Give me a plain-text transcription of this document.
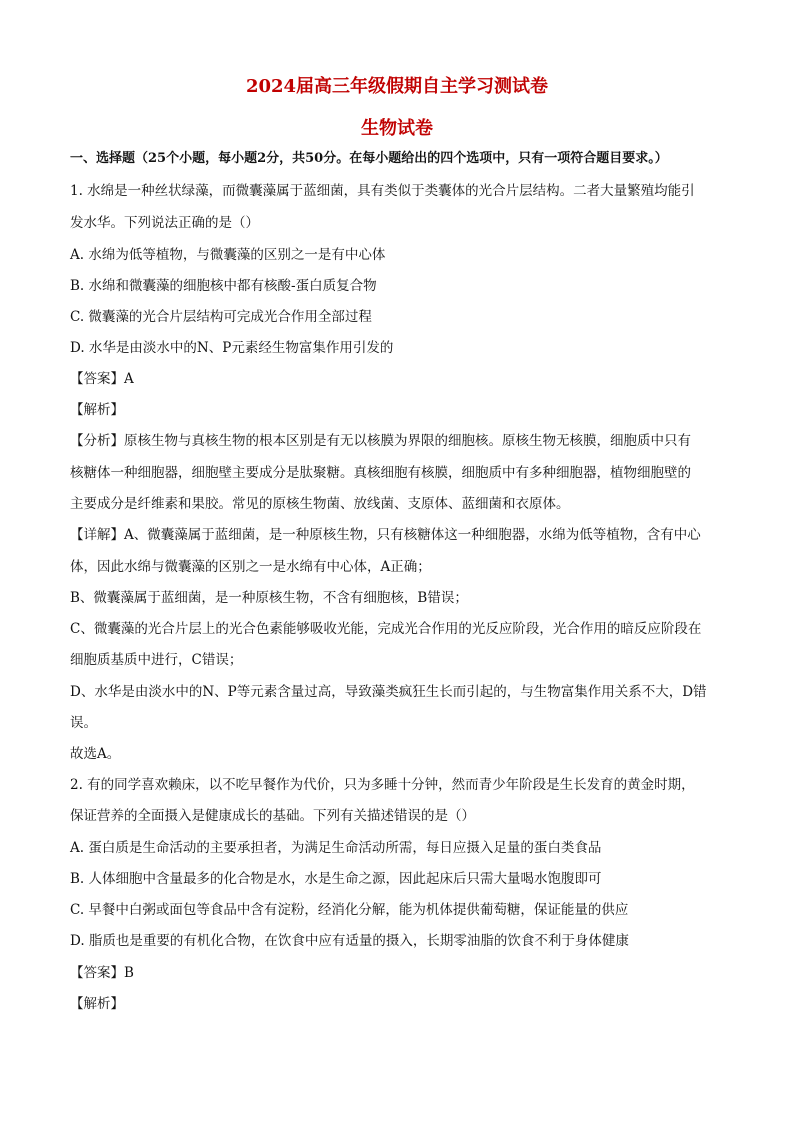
2024届高三年级假期自主学习测试卷
生物试卷
一、选择题（25个小题，每小题2分，共50分。在每小题给出的四个选项中，只有一项符合题目要求。）
1. 水绵是一种丝状绿藻，而微囊藻属于蓝细菌，具有类似于类囊体的光合片层结构。二者大量繁殖均能引
发水华。下列说法正确的是（）
A. 水绵为低等植物，与微囊藻的区别之一是有中心体
B. 水绵和微囊藻的细胞核中都有核酸-蛋白质复合物
C. 微囊藻的光合片层结构可完成光合作用全部过程
D. 水华是由淡水中的N、P元素经生物富集作用引发的
【答案】A
【解析】
【分析】原核生物与真核生物的根本区别是有无以核膜为界限的细胞核。原核生物无核膜，细胞质中只有
核糖体一种细胞器，细胞壁主要成分是肽聚糖。真核细胞有核膜，细胞质中有多种细胞器，植物细胞壁的
主要成分是纤维素和果胶。常见的原核生物菌、放线菌、支原体、蓝细菌和衣原体。
【详解】A、微囊藻属于蓝细菌，是一种原核生物，只有核糖体这一种细胞器，水绵为低等植物，含有中心
体，因此水绵与微囊藻的区别之一是水绵有中心体，A正确；
B、微囊藻属于蓝细菌，是一种原核生物，不含有细胞核，B错误；
C、微囊藻的光合片层上的光合色素能够吸收光能，完成光合作用的光反应阶段，光合作用的暗反应阶段在
细胞质基质中进行，C错误；
D、水华是由淡水中的N、P等元素含量过高，导致藻类疯狂生长而引起的，与生物富集作用关系不大，D错
误。
故选A。
2. 有的同学喜欢赖床，以不吃早餐作为代价，只为多睡十分钟，然而青少年阶段是生长发育的黄金时期，
保证营养的全面摄入是健康成长的基础。下列有关描述错误的是（）
A. 蛋白质是生命活动的主要承担者，为满足生命活动所需，每日应摄入足量的蛋白类食品
B. 人体细胞中含量最多的化合物是水，水是生命之源，因此起床后只需大量喝水饱腹即可
C. 早餐中白粥或面包等食品中含有淀粉，经消化分解，能为机体提供葡萄糖，保证能量的供应
D. 脂质也是重要的有机化合物，在饮食中应有适量的摄入，长期零油脂的饮食不利于身体健康
【答案】B
【解析】
